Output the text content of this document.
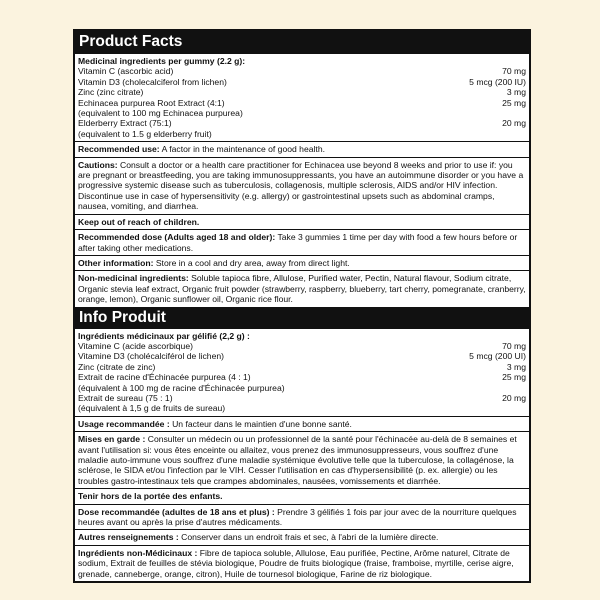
Product Facts
Medicinal ingredients per gummy (2.2 g):
Vitamin C (ascorbic acid)	70 mg
Vitamin D3 (cholecalciferol from lichen)	5 mcg (200 IU)
Zinc (zinc citrate)	3 mg
Echinacea purpurea Root Extract (4:1)	25 mg
(equivalent to 100 mg Echinacea purpurea)
Elderberry Extract (75:1)	20 mg
(equivalent to 1.5 g elderberry fruit)
Recommended use: A factor in the maintenance of good health.
Cautions: Consult a doctor or a health care practitioner for Echinacea use beyond 8 weeks and prior to use if: you are pregnant or breastfeeding, you are taking immunosuppressants, you have an autoimmune disorder or you have a progressive systemic disease such as tuberculosis, collagenosis, multiple sclerosis, AIDS and/or HIV infection. Discontinue use in case of hypersensitivity (e.g. allergy) or gastrointestinal upsets such as abdominal cramps, nausea, vomiting, and diarrhea.
Keep out of reach of children.
Recommended dose (Adults aged 18 and older): Take 3 gummies 1 time per day with food a few hours before or after taking other medications.
Other information: Store in a cool and dry area, away from direct light.
Non-medicinal ingredients: Soluble tapioca fibre, Allulose, Purified water, Pectin, Natural flavour, Sodium citrate, Organic stevia leaf extract, Organic fruit powder (strawberry, raspberry, blueberry, tart cherry, pomegranate, cranberry, orange, lemon), Organic sunflower oil, Organic rice flour.
Info Produit
Ingrédients médicinaux par gélifié (2,2 g) :
Vitamine C (acide ascorbique)	70 mg
Vitamine D3 (cholécalciférol de lichen)	5 mcg (200 UI)
Zinc (citrate de zinc)	3 mg
Extrait de racine d'Échinacée purpurea (4 : 1)	25 mg
(équivalent à 100 mg de racine d'Échinacée purpurea)
Extrait de sureau (75 : 1)	20 mg
(équivalent à 1,5 g de fruits de sureau)
Usage recommandée : Un facteur dans le maintien d'une bonne santé.
Mises en garde : Consulter un médecin ou un professionnel de la santé pour l'échinacée au-delà de 8 semaines et avant l'utilisation si: vous êtes enceinte ou allaitez, vous prenez des immunosuppresseurs, vous souffrez d'une maladie auto-immune vous souffrez d'une maladie systémique évolutive telle que la tuberculose, la collagénose, la sclérose, le SIDA et/ou l'infection par le VIH. Cesser l'utilisation en cas d'hypersensibilité (p. ex. allergie) ou les troubles gastro-intestinaux tels que crampes abdominales, nausées, vomissements et diarrhée.
Tenir hors de la portée des enfants.
Dose recommandée (adultes de 18 ans et plus) : Prendre 3 gélifiés 1 fois par jour avec de la nourriture quelques heures avant ou après la prise d'autres médicaments.
Autres renseignements : Conserver dans un endroit frais et sec, à l'abri de la lumière directe.
Ingrédients non-Médicinaux : Fibre de tapioca soluble, Allulose, Eau purifiée, Pectine, Arôme naturel, Citrate de sodium, Extrait de feuilles de stévia biologique, Poudre de fruits biologique (fraise, framboise, myrtille, cerise aigre, grenade, canneberge, orange, citron), Huile de tournesol biologique, Farine de riz biologique.
